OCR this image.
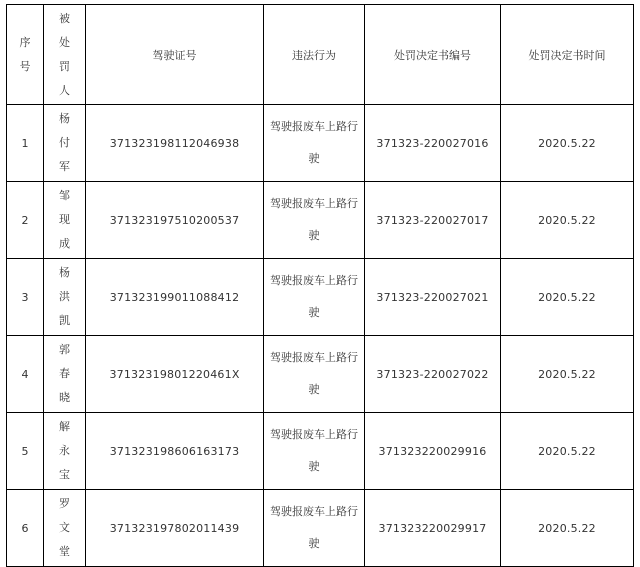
序号	被处罚人	驾驶证号	违法行为	处罚决定书编号	处罚决定书时间
1	杨付军	371323198112046938	驾驶报废车上路行驶	371323-220027016	2020.5.22
2	邹现成	371323197510200537	驾驶报废车上路行驶	371323-220027017	2020.5.22
3	杨洪凯	371323199011088412	驾驶报废车上路行驶	371323-220027021	2020.5.22
4	郭春晓	37132319801220461X	驾驶报废车上路行驶	371323-220027022	2020.5.22
5	解永宝	371323198606163173	驾驶报废车上路行驶	371323220029916	2020.5.22
6	罗文堂	371323197802011439	驾驶报废车上路行驶	371323220029917	2020.5.22
